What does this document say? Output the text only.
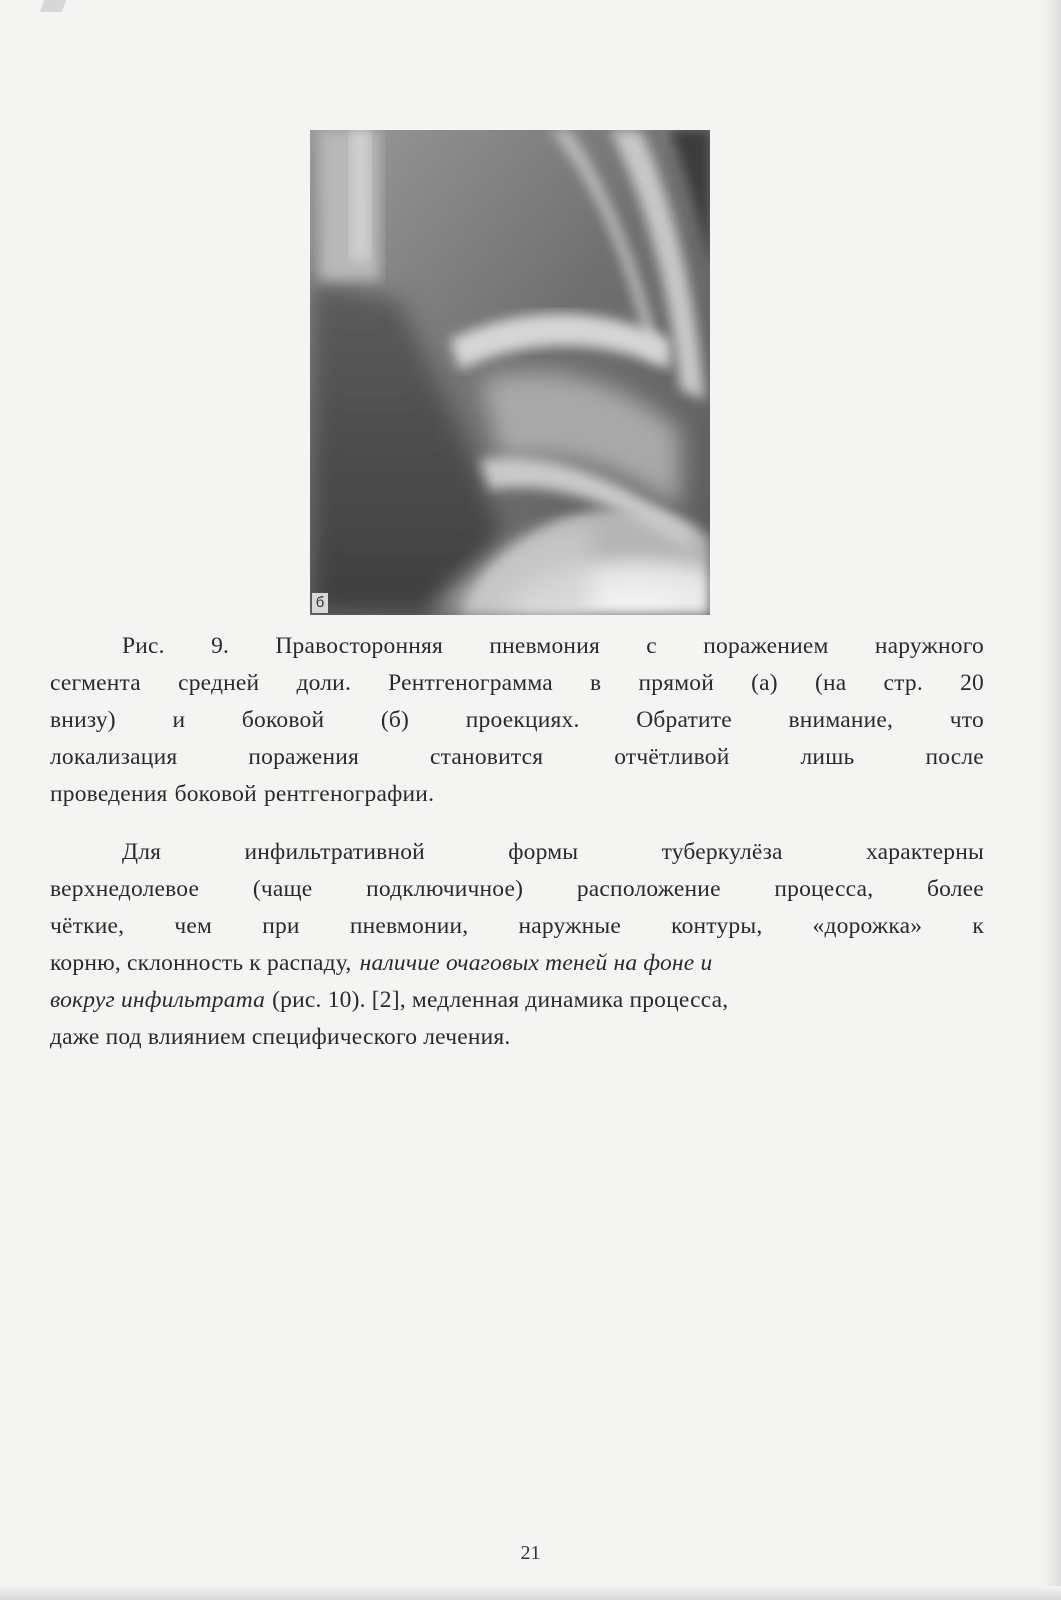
б
Рис. 9. Правосторонняя пневмония с поражением наружного
сегмента средней доли. Рентгенограмма в прямой (а) (на стр. 20
внизу) и боковой (б) проекциях. Обратите внимание, что
локализация	поражения	становится	отчётливой	лишь	после
проведения боковой рентгенографии.
Для	инфильтративной	формы	туберкулёза	характерны
верхнедолевое (чаще подключичное) расположение процесса, более
чёткие, чем при пневмонии, наружные контуры, «дорожка» к
корню, склонность к распаду, наличие очаговых теней на фоне и
вокруг инфильтрата (рис. 10). [2], медленная динамика процесса,
даже под влиянием специфического лечения.
21
